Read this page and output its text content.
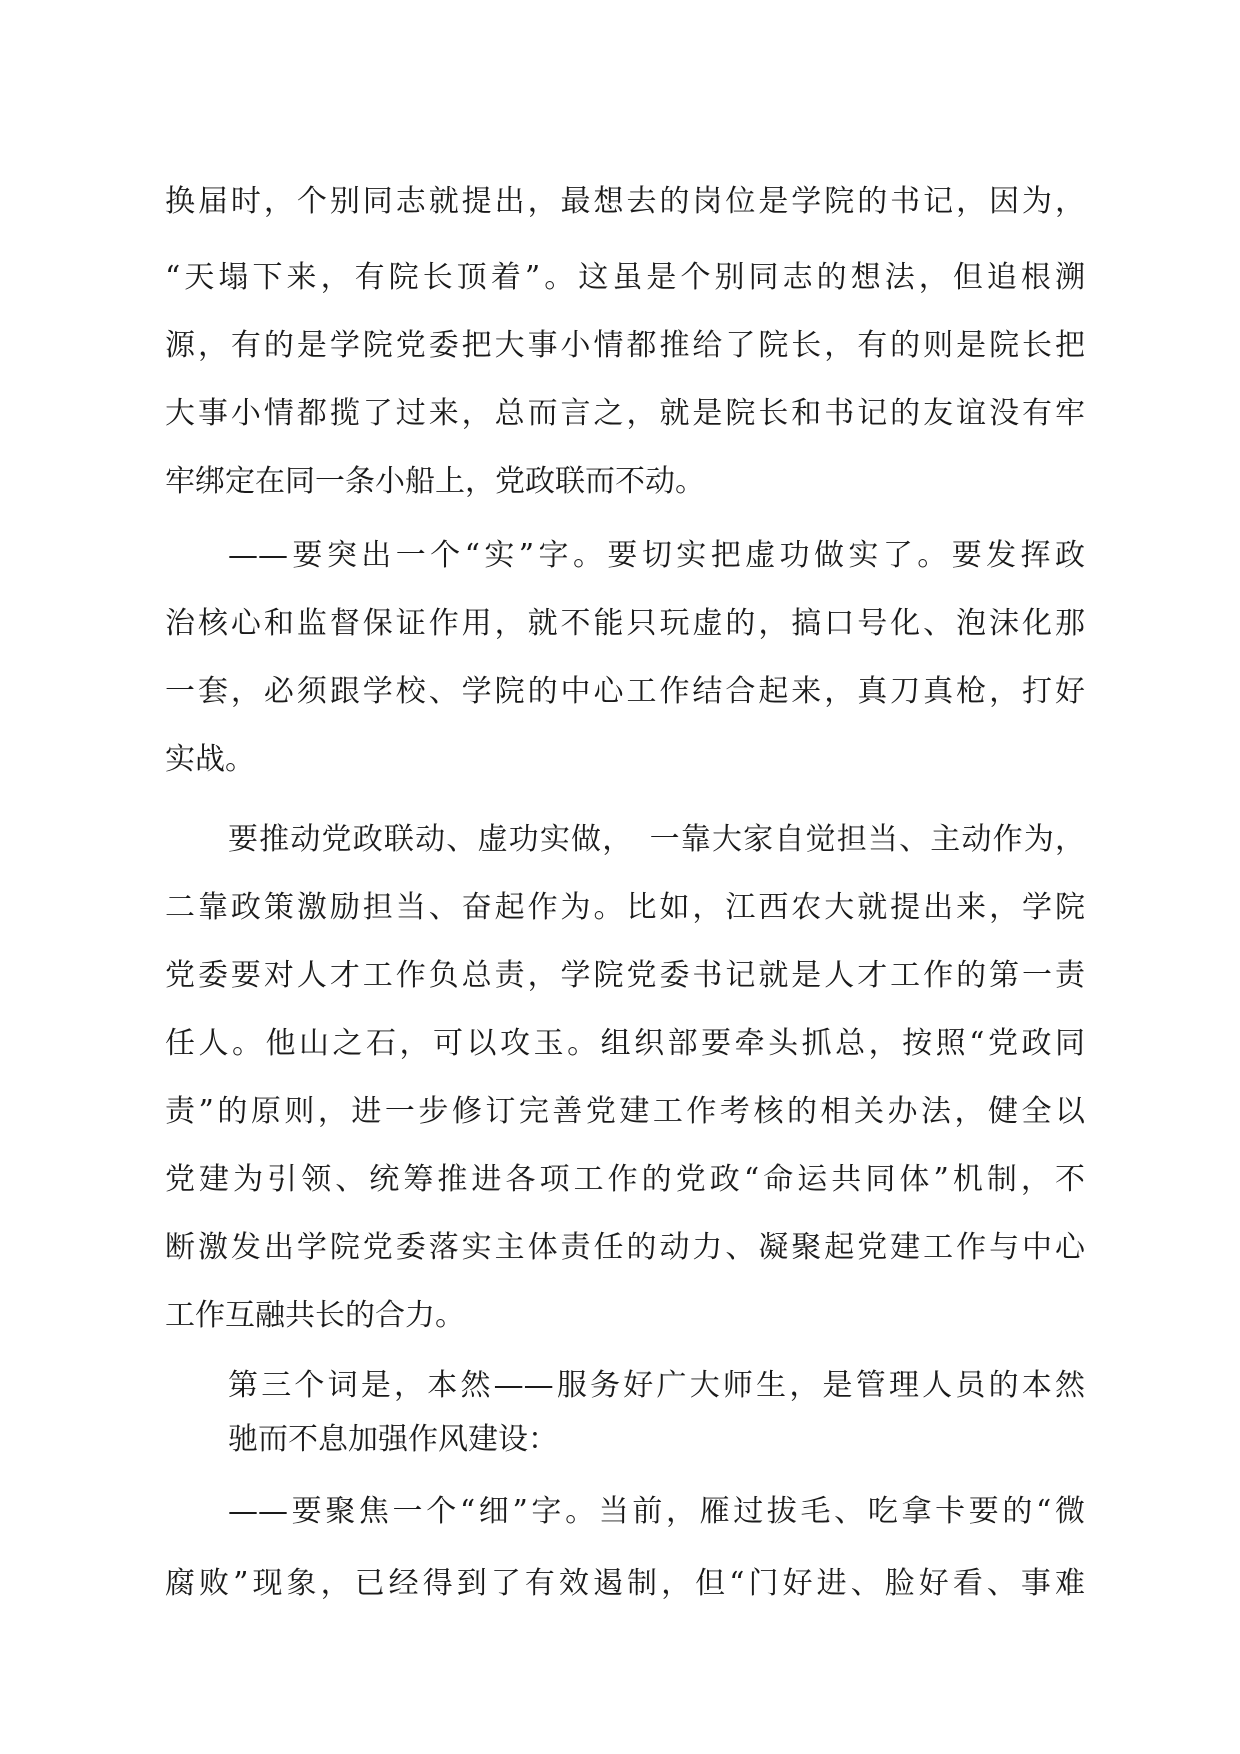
换届时，个别同志就提出，最想去的岗位是学院的书记，因为，
“天塌下来，有院长顶着”。这虽是个别同志的想法，但追根溯
源，有的是学院党委把大事小情都推给了院长，有的则是院长把
大事小情都揽了过来，总而言之，就是院长和书记的友谊没有牢
牢绑定在同一条小船上，党政联而不动。
——要突出一个“实”字。要切实把虚功做实了。要发挥政
治核心和监督保证作用，就不能只玩虚的，搞口号化、泡沫化那
一套，必须跟学校、学院的中心工作结合起来，真刀真枪，打好
实战。
要推动党政联动、虚功实做，　一靠大家自觉担当、主动作为，
二靠政策激励担当、奋起作为。比如，江西农大就提出来，学院
党委要对人才工作负总责，学院党委书记就是人才工作的第一责
任人。他山之石，可以攻玉。组织部要牵头抓总，按照“党政同
责”的原则，进一步修订完善党建工作考核的相关办法，健全以
党建为引领、统筹推进各项工作的党政“命运共同体”机制，不
断激发出学院党委落实主体责任的动力、凝聚起党建工作与中心
工作互融共长的合力。
第三个词是，本然——服务好广大师生，是管理人员的本然
驰而不息加强作风建设：
——要聚焦一个“细”字。当前，雁过拔毛、吃拿卡要的“微
腐败”现象，已经得到了有效遏制，但“门好进、脸好看、事难
